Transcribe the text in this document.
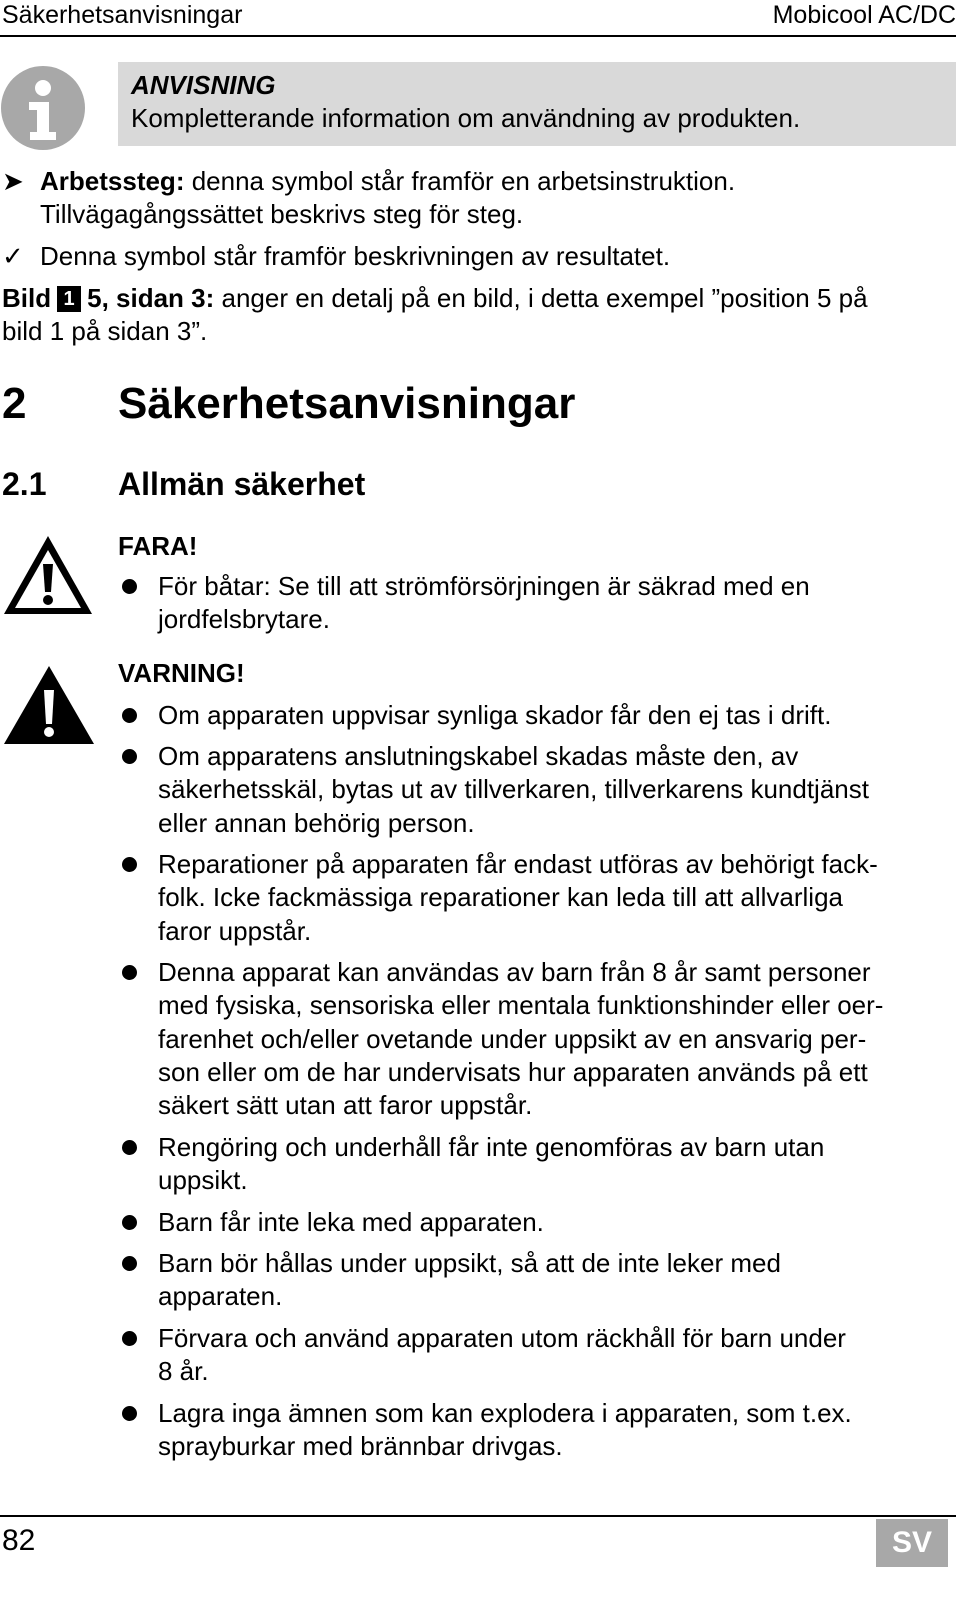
Säkerhetsanvisningar	Mobicool AC/DC
ANVISNING
Kompletterande information om användning av produkten.
➤ Arbetssteg: denna symbol står framför en arbetsinstruktion.
Tillvägagångssättet beskrivs steg för steg.
✓ Denna symbol står framför beskrivningen av resultatet.
Bild 1 5, sidan 3: anger en detalj på en bild, i detta exempel ”position 5 på
bild 1 på sidan 3”.
2 Säkerhetsanvisningar
2.1 Allmän säkerhet
FARA!
För båtar: Se till att strömförsörjningen är säkrad med en
jordfelsbrytare.
VARNING!
Om apparaten uppvisar synliga skador får den ej tas i drift.
Om apparatens anslutningskabel skadas måste den, av
säkerhetsskäl, bytas ut av tillverkaren, tillverkarens kundtjänst
eller annan behörig person.
Reparationer på apparaten får endast utföras av behörigt fack-
folk. Icke fackmässiga reparationer kan leda till att allvarliga
faror uppstår.
Denna apparat kan användas av barn från 8 år samt personer
med fysiska, sensoriska eller mentala funktionshinder eller oer-
farenhet och/eller ovetande under uppsikt av en ansvarig per-
son eller om de har undervisats hur apparaten används på ett
säkert sätt utan att faror uppstår.
Rengöring och underhåll får inte genomföras av barn utan
uppsikt.
Barn får inte leka med apparaten.
Barn bör hållas under uppsikt, så att de inte leker med
apparaten.
Förvara och använd apparaten utom räckhåll för barn under
8 år.
Lagra inga ämnen som kan explodera i apparaten, som t.ex.
sprayburkar med brännbar drivgas.
82	SV
